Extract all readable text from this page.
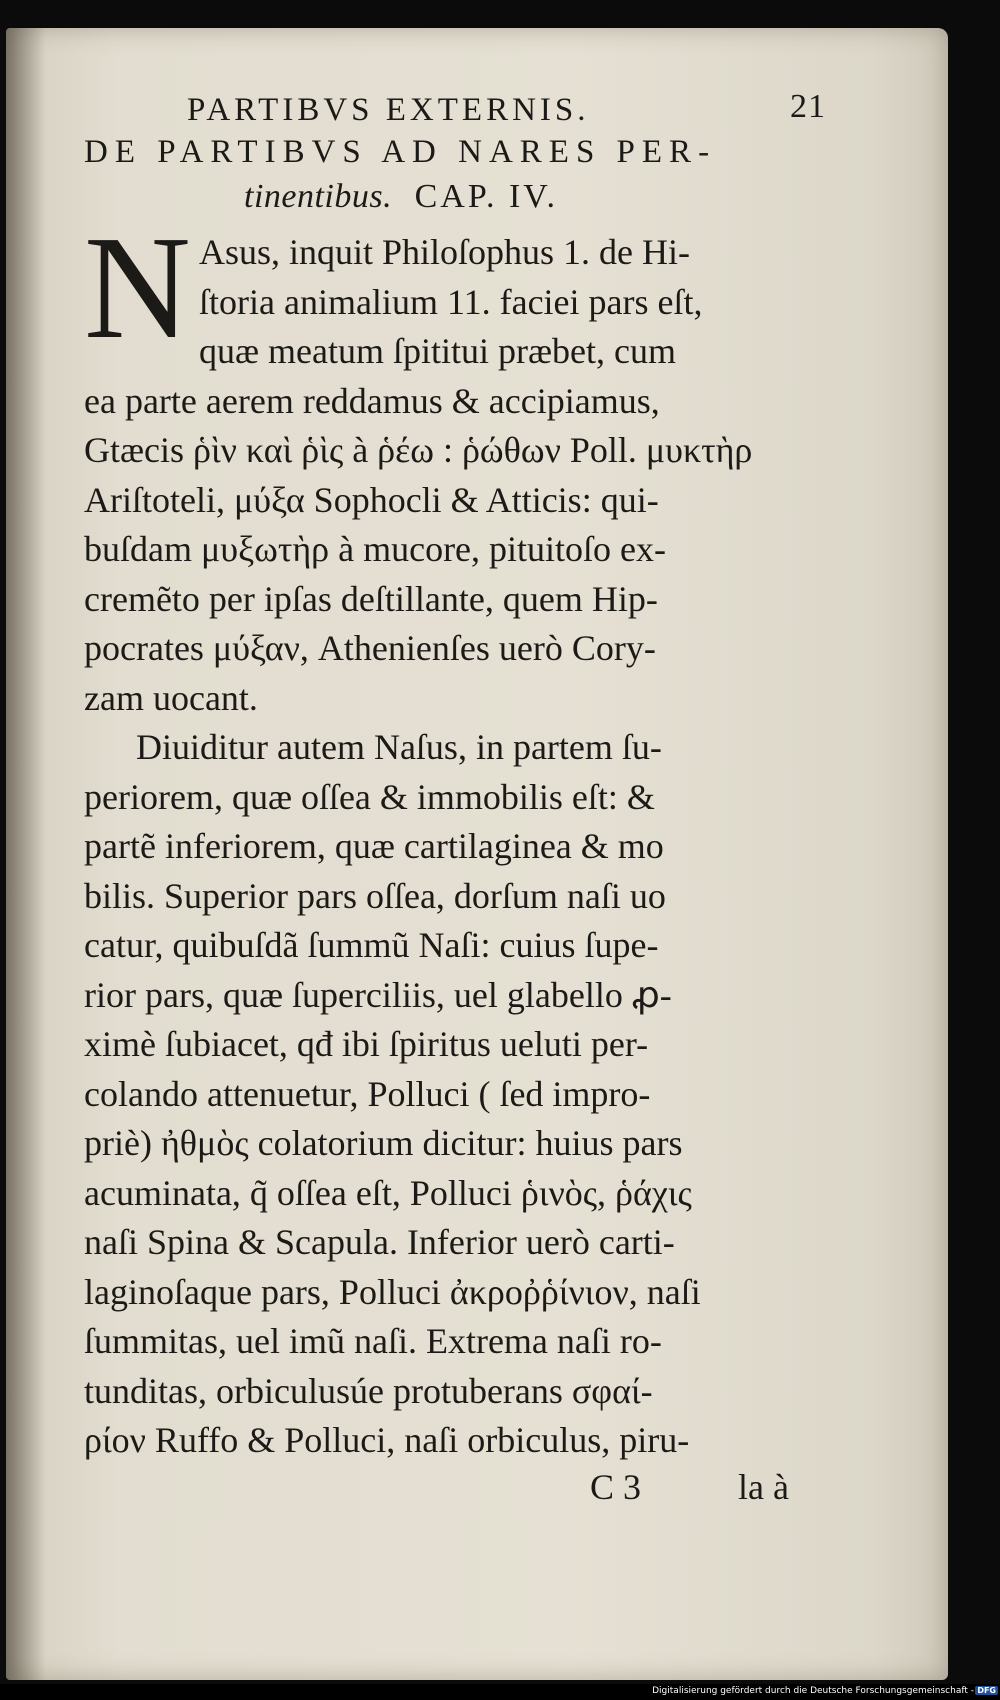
PARTIBVS EXTERNIS.	21
DE PARTIBVS AD NARES PER-
tinentibus. CAP. IV.
N Asus, inquit Philoſophus 1. de Hi-
ſtoria animalium 11. faciei pars eſt,
quæ meatum ſpititui præbet, cum
ea parte aerem reddamus & accipiamus,
Gtæcis ῥὶν καὶ ῥὶς à ῥέω : ῥώθων Poll. μυκτὴρ
Ariſtoteli, μύξα Sophocli & Atticis: qui-
buſdam μυξωτὴρ à mucore, pituitoſo ex-
cremẽto per ipſas deſtillante, quem Hip-
pocrates μύξαν, Athenienſes uerò Cory-
zam uocant.
Diuiditur autem Naſus, in partem ſu-
periorem, quæ oſſea & immobilis eſt: &
partẽ inferiorem, quæ cartilaginea & mo
bilis. Superior pars oſſea, dorſum naſi uo
catur, quibuſdã ſummũ Naſi: cuius ſupe-
rior pars, quæ ſuperciliis, uel glabello ꝓ-
ximè ſubiacet, qđ ibi ſpiritus ueluti per-
colando attenuetur, Polluci ( ſed impro-
priè) ἠθμὸς colatorium dicitur: huius pars
acuminata, q̃ oſſea eſt, Polluci ῥινὸς, ῥάχις
naſi Spina & Scapula. Inferior uerò carti-
laginoſaque pars, Polluci ἀκροῤῥίνιον, naſi
ſummitas, uel imũ naſi. Extrema naſi ro-
tunditas, orbiculusúe protuberans σφαί-
ρίον Ruffo & Polluci, naſi orbiculus, piru-
C 3	la à
Digitalisierung gefördert durch die Deutsche Forschungsgemeinschaft - DFG
